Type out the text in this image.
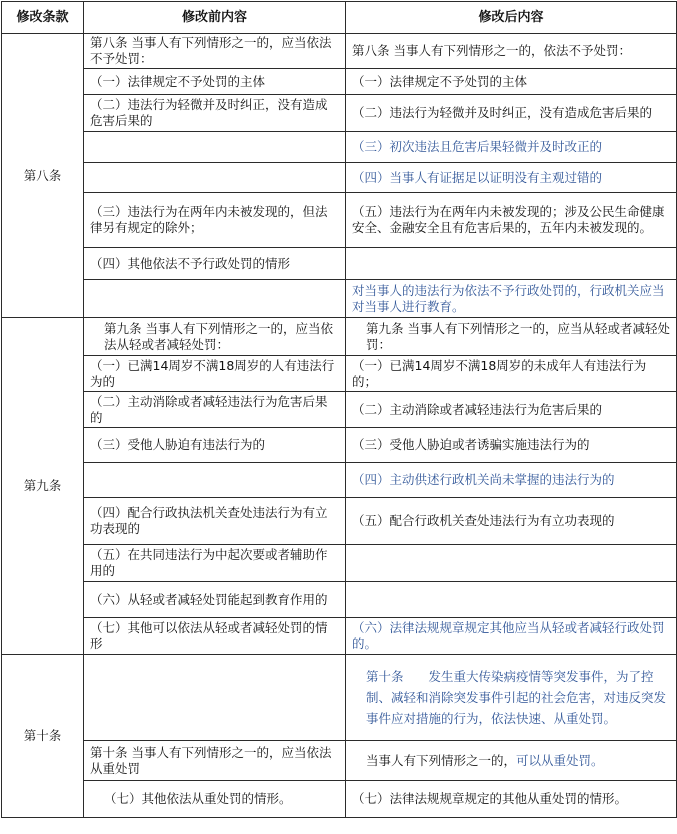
修改条款	修改前内容	修改后内容
第八条	第八条 当事人有下列情形之一的，应当依法不予处罚：	第八条 当事人有下列情形之一的，依法不予处罚：
	（一）法律规定不予处罚的主体	（一）法律规定不予处罚的主体
	（二）违法行为轻微并及时纠正，没有造成危害后果的	（二）违法行为轻微并及时纠正，没有造成危害后果的
		（三）初次违法且危害后果轻微并及时改正的
		（四）当事人有证据足以证明没有主观过错的
	（三）违法行为在两年内未被发现的，但法律另有规定的除外；	（五）违法行为在两年内未被发现的；涉及公民生命健康安全、金融安全且有危害后果的，五年内未被发现的。
	（四）其他依法不予行政处罚的情形	
		对当事人的违法行为依法不予行政处罚的，行政机关应当对当事人进行教育。
第九条	第九条 当事人有下列情形之一的，应当依法从轻或者减轻处罚：	第九条 当事人有下列情形之一的，应当从轻或者减轻处罚：
	（一）已满14周岁不满18周岁的人有违法行为的	（一）已满14周岁不满18周岁的未成年人有违法行为的；
	（二）主动消除或者减轻违法行为危害后果的	（二）主动消除或者减轻违法行为危害后果的
	（三）受他人胁迫有违法行为的	（三）受他人胁迫或者诱骗实施违法行为的
		（四）主动供述行政机关尚未掌握的违法行为的
	（四）配合行政执法机关查处违法行为有立功表现的	（五）配合行政机关查处违法行为有立功表现的
	（五）在共同违法行为中起次要或者辅助作用的	
	（六）从轻或者减轻处罚能起到教育作用的	
	（七）其他可以依法从轻或者减轻处罚的情形	（六）法律法规规章规定其他应当从轻或者减轻行政处罚的。
第十条		第十条　　发生重大传染病疫情等突发事件，为了控制、减轻和消除突发事件引起的社会危害，对违反突发事件应对措施的行为，依法快速、从重处罚。
	第十条 当事人有下列情形之一的，应当依法从重处罚	当事人有下列情形之一的，可以从重处罚。
	（七）其他依法从重处罚的情形。	（七）法律法规规章规定的其他从重处罚的情形。
